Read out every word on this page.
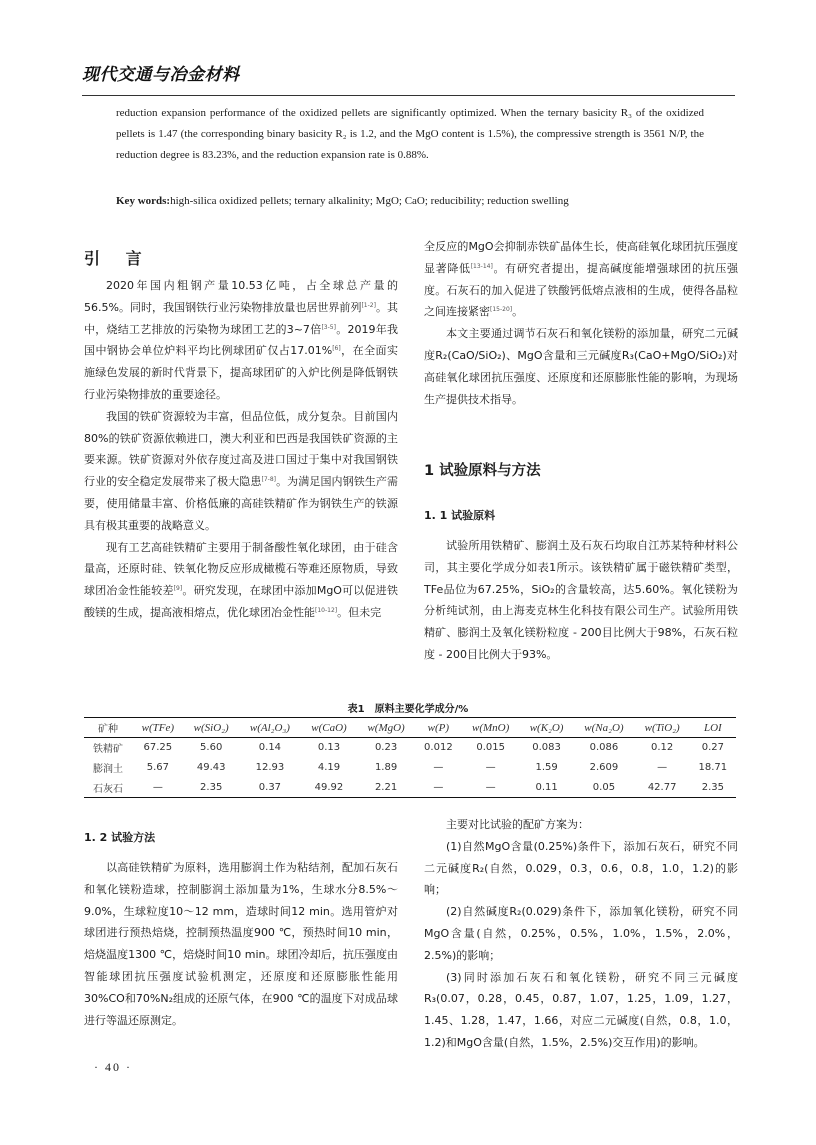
现代交通与冶金材料
reduction expansion performance of the oxidized pellets are significantly optimized. When the ternary basicity R₃ of the oxidized pellets is 1.47 (the corresponding binary basicity R₂ is 1.2, and the MgO content is 1.5%), the compressive strength is 3561 N/P, the reduction degree is 83.23%, and the reduction expansion rate is 0.88%.
Key words:high-silica oxidized pellets; ternary alkalinity; MgO; CaO; reducibility; reduction swelling
引 言

2020年国内粗钢产量10.53亿吨，占全球总产量的56.5%。同时，我国钢铁行业污染物排放量也居世界前列[1-2]。其中，烧结工艺排放的污染物为球团工艺的3~7倍[3-5]。2019年我国中钢协会单位炉料平均比例球团矿仅占17.01%[6]，在全面实施绿色发展的新时代背景下，提高球团矿的入炉比例是降低钢铁行业污染物排放的重要途径。

我国的铁矿资源较为丰富，但品位低，成分复杂。目前国内80%的铁矿资源依赖进口，澳大利亚和巴西是我国铁矿资源的主要来源。铁矿资源对外依存度过高及进口国过于集中对我国钢铁行业的安全稳定发展带来了极大隐患[7-8]。为满足国内钢铁生产需要，使用储量丰富、价格低廉的高硅铁精矿作为钢铁生产的铁源具有极其重要的战略意义。

现有工艺高硅铁精矿主要用于制备酸性氧化球团，由于硅含量高，还原时硅、铁氧化物反应形成橄榄石等难还原物质，导致球团冶金性能较差[9]。研究发现，在球团中添加MgO可以促进铁酸镁的生成，提高液相熔点，优化球团冶金性能[10-12]。但未完

全反应的MgO会抑制赤铁矿晶体生长，使高硅氧化球团抗压强度显著降低[13-14]。有研究者提出，提高碱度能增强球团的抗压强度。石灰石的加入促进了铁酸钙低熔点液相的生成，使得各晶粒之间连接紧密[15-20]。

本文主要通过调节石灰石和氧化镁粉的添加量，研究二元碱度R₂(CaO/SiO₂)、MgO含量和三元碱度R₃(CaO+MgO/SiO₂)对高硅氧化球团抗压强度、还原度和还原膨胀性能的影响，为现场生产提供技术指导。

1 试验原料与方法
1. 1 试验原料

试验所用铁精矿、膨润土及石灰石均取自江苏某特种材料公司，其主要化学成分如表1所示。该铁精矿属于磁铁精矿类型，TFe品位为67.25%，SiO₂的含量较高，达5.60%。氧化镁粉为分析纯试剂，由上海麦克林生化科技有限公司生产。试验所用铁精矿、膨润土及氧化镁粉粒度 - 200目比例大于98%，石灰石粒度 - 200目比例大于93%。

表1　原料主要化学成分/%
矿种	w(TFe)	w(SiO₂)	w(Al₂O₃)	w(CaO)	w(MgO)	w(P)	w(MnO)	w(K₂O)	w(Na₂O)	w(TiO₂)	LOI
铁精矿	67.25	5.60	0.14	0.13	0.23	0.012	0.015	0.083	0.086	0.12	0.27
膨润土	5.67	49.43	12.93	4.19	1.89	—	—	1.59	2.609	—	18.71
石灰石	—	2.35	0.37	49.92	2.21	—	—	0.11	0.05	42.77	2.35
1. 2 试验方法

以高硅铁精矿为原料，选用膨润土作为粘结剂，配加石灰石和氧化镁粉造球，控制膨润土添加量为1%，生球水分8.5%～9.0%，生球粒度10～12 mm，造球时间12 min。选用管炉对球团进行预热焙烧，控制预热温度900 ℃，预热时间10 min，焙烧温度1300 ℃，焙烧时间10 min。球团冷却后，抗压强度由智能球团抗压强度试验机测定，还原度和还原膨胀性能用30%CO和70%N₂组成的还原气体，在900 ℃的温度下对成品球进行等温还原测定。

主要对比试验的配矿方案为：

(1)自然MgO含量(0.25%)条件下，添加石灰石，研究不同二元碱度R₂(自然，0.029，0.3，0.6，0.8，1.0，1.2)的影响；

(2)自然碱度R₂(0.029)条件下，添加氧化镁粉，研究不同MgO含量(自然，0.25%，0.5%，1.0%，1.5%，2.0%，2.5%)的影响；

(3)同时添加石灰石和氧化镁粉，研究不同三元碱度R₃(0.07，0.28，0.45，0.87，1.07，1.25，1.09，1.27，1.45、1.28，1.47，1.66，对应二元碱度(自然，0.8，1.0，1.2)和MgO含量(自然，1.5%，2.5%)交互作用)的影响。

· 40 ·
